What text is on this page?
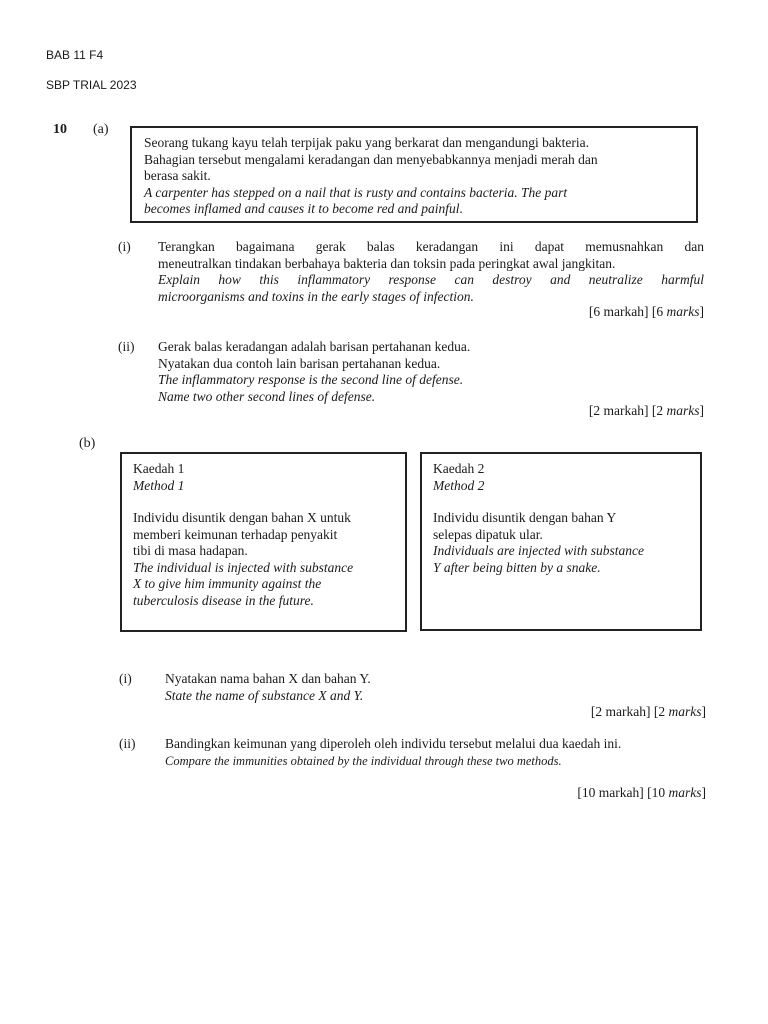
BAB 11 F4
SBP TRIAL 2023
10 (a)

Seorang tukang kayu telah terpijak paku yang berkarat dan mengandungi bakteria.

Bahagian tersebut mengalami keradangan dan menyebabkannya menjadi merah dan

berasa sakit.

A carpenter has stepped on a nail that is rusty and contains bacteria. The part

becomes inflamed and causes it to become red and painful.

(i) Terangkan bagaimana gerak balas keradangan ini dapat memusnahkan dan

meneutralkan tindakan berbahaya bakteria dan toksin pada peringkat awal jangkitan.

Explain how this inflammatory response can destroy and neutralize harmful

microorganisms and toxins in the early stages of infection.

[6 markah] [6 marks]
(ii) Gerak balas keradangan adalah barisan pertahanan kedua.

Nyatakan dua contoh lain barisan pertahanan kedua.

The inflammatory response is the second line of defense.

Name two other second lines of defense.

[2 markah] [2 marks]
(b)

Kaedah 1

Method 1

Individu disuntik dengan bahan X untuk

memberi keimunan terhadap penyakit

tibi di masa hadapan.

The individual is injected with substance

X to give him immunity against the

tuberculosis disease in the future.

Kaedah 2

Method 2

Individu disuntik dengan bahan Y

selepas dipatuk ular.

Individuals are injected with substance

Y after being bitten by a snake.

(i) Nyatakan nama bahan X dan bahan Y.

State the name of substance X and Y.

[2 markah] [2 marks]
(ii) Bandingkan keimunan yang diperoleh oleh individu tersebut melalui dua kaedah ini.

Compare the immunities obtained by the individual through these two methods.

[10 markah] [10 marks]
